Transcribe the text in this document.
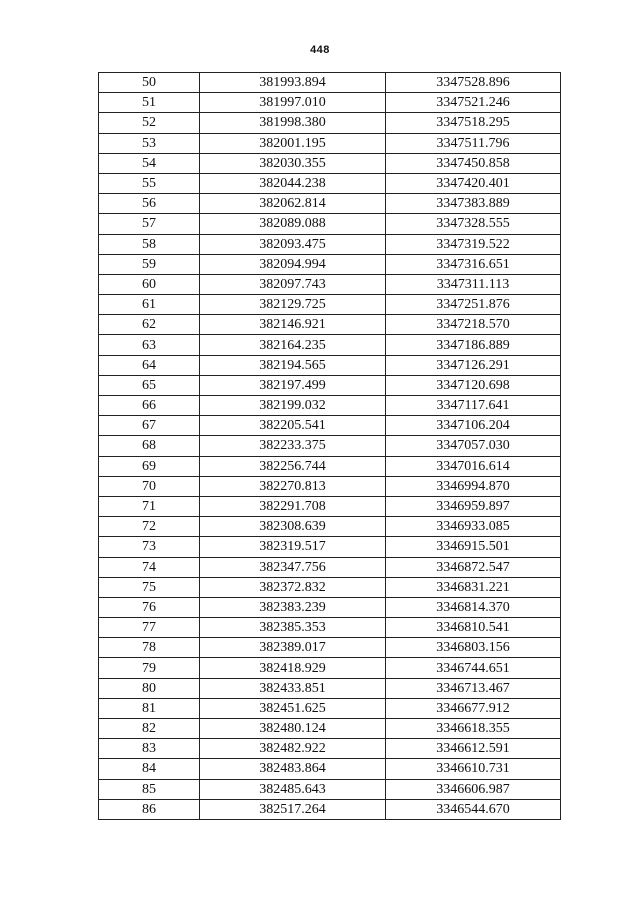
448
50	381993.894	3347528.896
51	381997.010	3347521.246
52	381998.380	3347518.295
53	382001.195	3347511.796
54	382030.355	3347450.858
55	382044.238	3347420.401
56	382062.814	3347383.889
57	382089.088	3347328.555
58	382093.475	3347319.522
59	382094.994	3347316.651
60	382097.743	3347311.113
61	382129.725	3347251.876
62	382146.921	3347218.570
63	382164.235	3347186.889
64	382194.565	3347126.291
65	382197.499	3347120.698
66	382199.032	3347117.641
67	382205.541	3347106.204
68	382233.375	3347057.030
69	382256.744	3347016.614
70	382270.813	3346994.870
71	382291.708	3346959.897
72	382308.639	3346933.085
73	382319.517	3346915.501
74	382347.756	3346872.547
75	382372.832	3346831.221
76	382383.239	3346814.370
77	382385.353	3346810.541
78	382389.017	3346803.156
79	382418.929	3346744.651
80	382433.851	3346713.467
81	382451.625	3346677.912
82	382480.124	3346618.355
83	382482.922	3346612.591
84	382483.864	3346610.731
85	382485.643	3346606.987
86	382517.264	3346544.670
